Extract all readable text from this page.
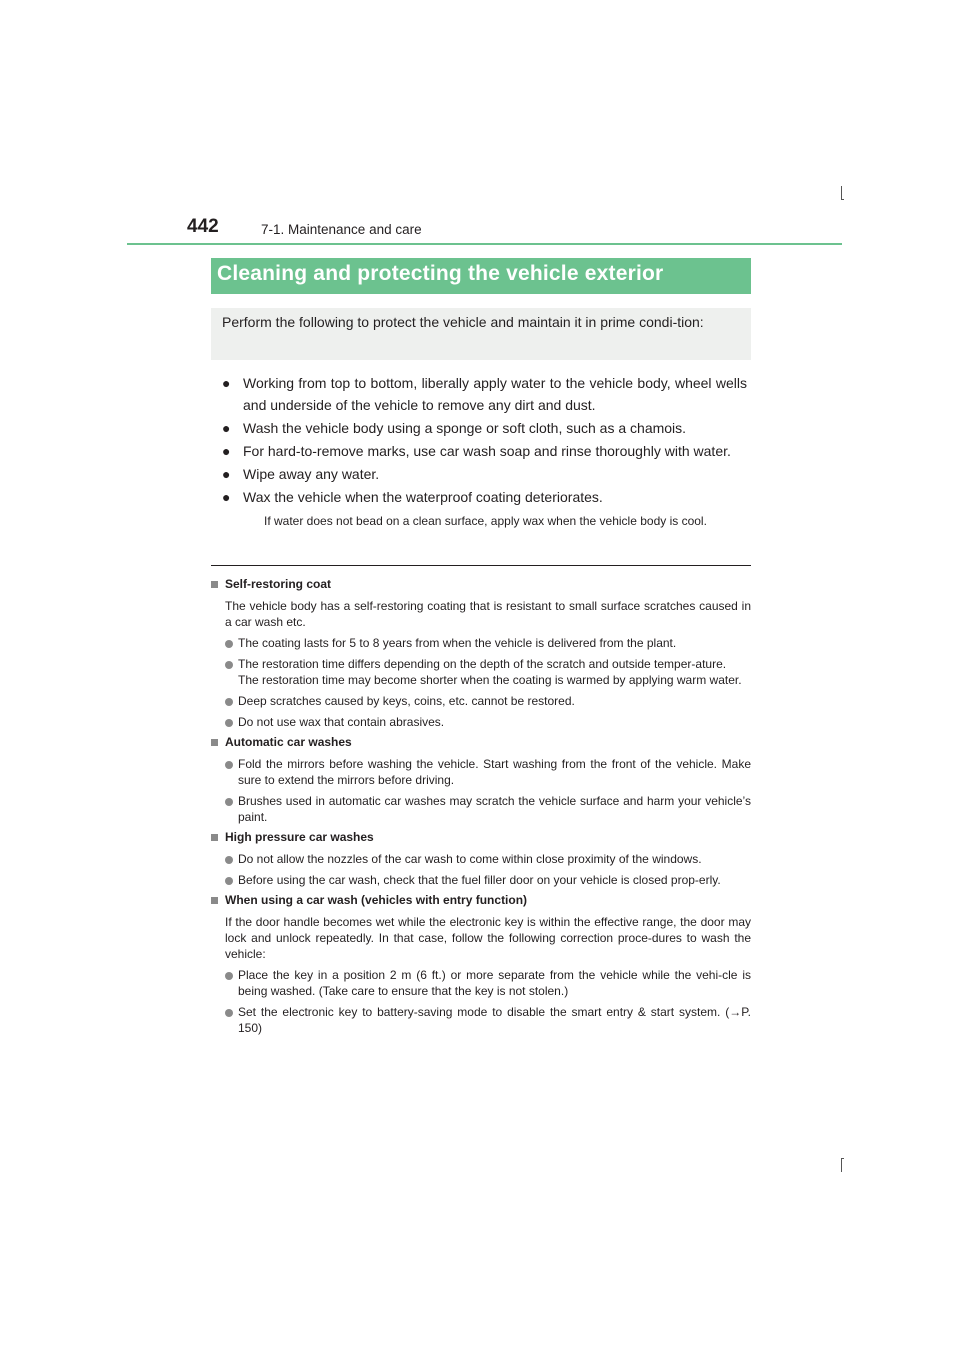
442	7-1. Maintenance and care
Cleaning and protecting the vehicle exterior
Perform the following to protect the vehicle and maintain it in prime condi-tion:
● Working from top to bottom, liberally apply water to the vehicle body, wheel wells and underside of the vehicle to remove any dirt and dust.
● Wash the vehicle body using a sponge or soft cloth, such as a chamois.
● For hard-to-remove marks, use car wash soap and rinse thoroughly with water.
● Wipe away any water.
● Wax the vehicle when the waterproof coating deteriorates.
If water does not bead on a clean surface, apply wax when the vehicle body is cool.
Self-restoring coat
The vehicle body has a self-restoring coating that is resistant to small surface scratches caused in a car wash etc.
The coating lasts for 5 to 8 years from when the vehicle is delivered from the plant.
The restoration time differs depending on the depth of the scratch and outside temper-ature.
The restoration time may become shorter when the coating is warmed by applying warm water.
Deep scratches caused by keys, coins, etc. cannot be restored.
Do not use wax that contain abrasives.
Automatic car washes
Fold the mirrors before washing the vehicle. Start washing from the front of the vehicle. Make sure to extend the mirrors before driving.
Brushes used in automatic car washes may scratch the vehicle surface and harm your vehicle’s paint.
High pressure car washes
Do not allow the nozzles of the car wash to come within close proximity of the windows.
Before using the car wash, check that the fuel filler door on your vehicle is closed prop-erly.
When using a car wash (vehicles with entry function)
If the door handle becomes wet while the electronic key is within the effective range, the door may lock and unlock repeatedly. In that case, follow the following correction proce-dures to wash the vehicle:
Place the key in a position 2 m (6 ft.) or more separate from the vehicle while the vehi-cle is being washed. (Take care to ensure that the key is not stolen.)
Set the electronic key to battery-saving mode to disable the smart entry & start system. (→P. 150)
